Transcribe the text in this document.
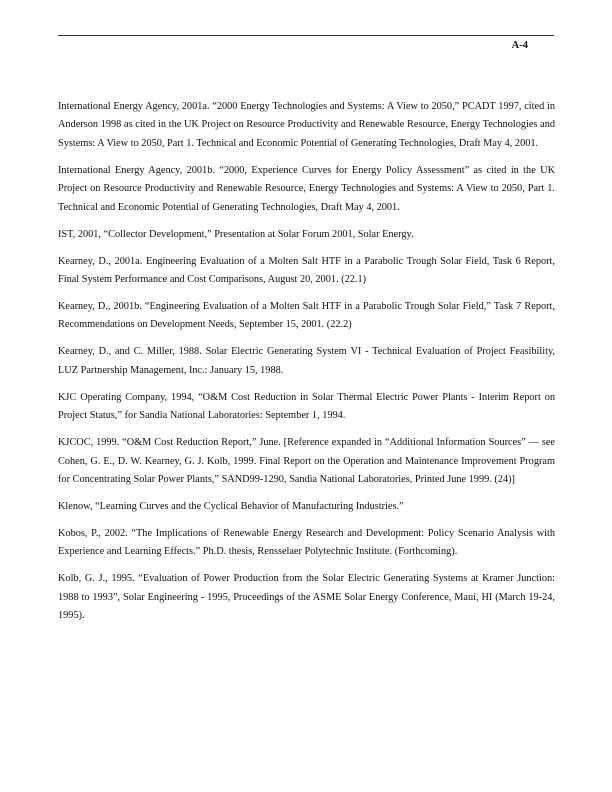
A-4

International Energy Agency, 2001a. “2000 Energy Technologies and Systems: A View to 2050,” PCADT 1997, cited in Anderson 1998 as cited in the UK Project on Resource Productivity and Renewable Resource, Energy Technologies and Systems: A View to 2050, Part 1. Technical and Economic Potential of Generating Technologies, Draft May 4, 2001.

International Energy Agency, 2001b. “2000, Experience Curves for Energy Policy Assessment” as cited in the UK Project on Resource Productivity and Renewable Resource, Energy Technologies and Systems: A View to 2050, Part 1. Technical and Economic Potential of Generating Technologies, Draft May 4, 2001.

IST, 2001, “Collector Development,” Presentation at Solar Forum 2001, Solar Energy.

Kearney, D., 2001a. Engineering Evaluation of a Molten Salt HTF in a Parabolic Trough Solar Field, Task 6 Report, Final System Performance and Cost Comparisons, August 20, 2001. (22.1)

Kearney, D., 2001b. “Engineering Evaluation of a Molten Salt HTF in a Parabolic Trough Solar Field,” Task 7 Report, Recommendations on Development Needs, September 15, 2001. (22.2)

Kearney, D., and C. Miller, 1988. Solar Electric Generating System VI - Technical Evaluation of Project Feasibility, LUZ Partnership Management, Inc.: January 15, 1988.

KJC Operating Company, 1994, “O&M Cost Reduction in Solar Thermal Electric Power Plants - Interim Report on Project Status,” for Sandia National Laboratories: September 1, 1994.

KJCOC, 1999. “O&M Cost Reduction Report,” June. [Reference expanded in “Additional Information Sources” — see Cohen, G. E., D. W. Kearney, G. J. Kolb, 1999. Final Report on the Operation and Maintenance Improvement Program for Concentrating Solar Power Plants,” SAND99-1290, Sandia National Laboratories, Printed June 1999. (24)]

Klenow, “Learning Curves and the Cyclical Behavior of Manufacturing Industries.”

Kobos, P., 2002. “The Implications of Renewable Energy Research and Development: Policy Scenario Analysis with Experience and Learning Effects.” Ph.D. thesis, Rensselaer Polytechnic Institute. (Forthcoming).

Kolb, G. J., 1995. “Evaluation of Power Production from the Solar Electric Generating Systems at Kramer Junction: 1988 to 1993”, Solar Engineering - 1995, Proceedings of the ASME Solar Energy Conference, Maui, HI (March 19-24, 1995).
